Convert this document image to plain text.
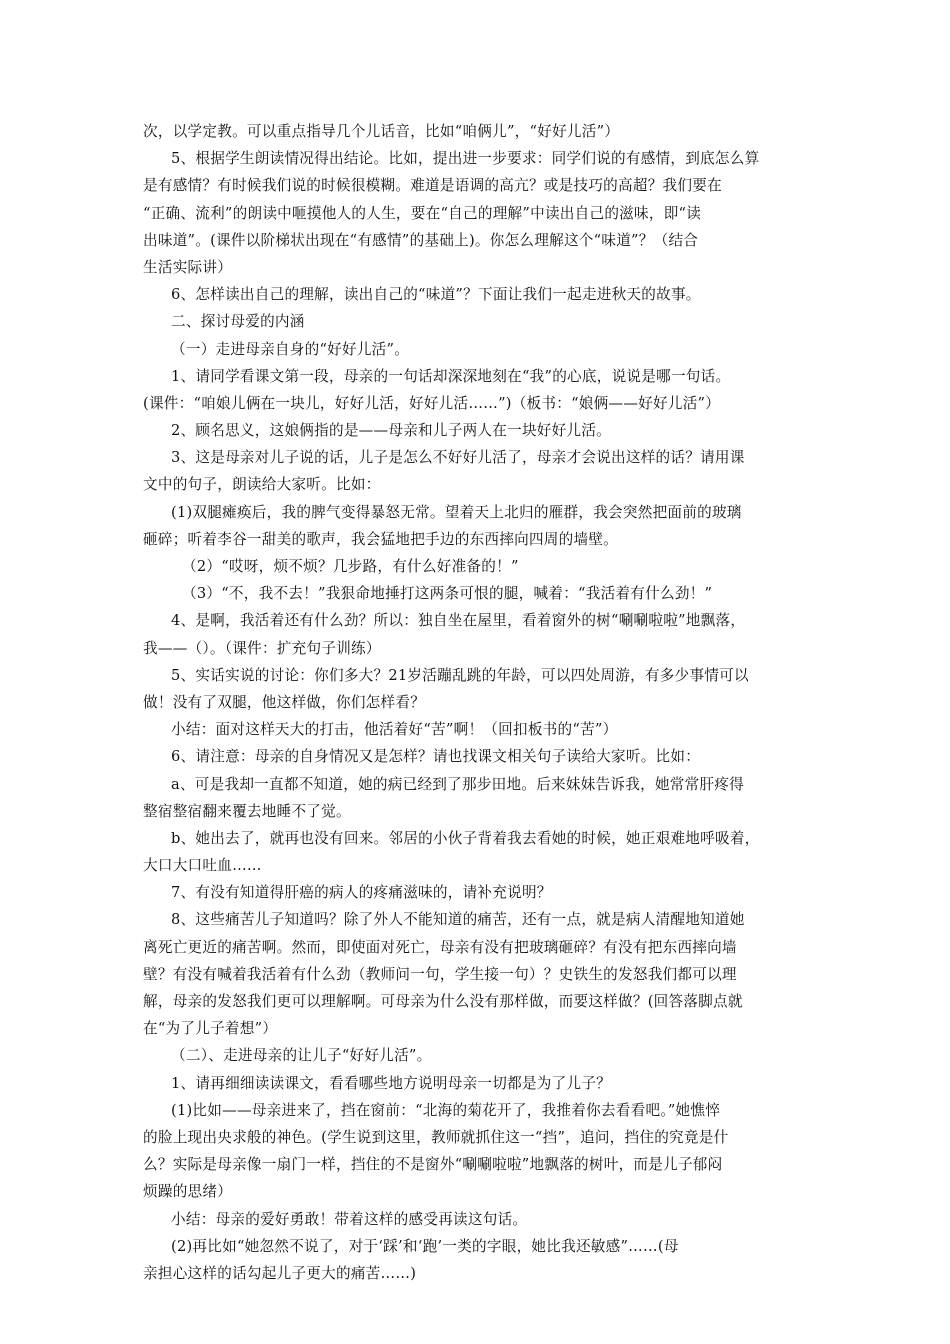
次，以学定教。可以重点指导几个儿话音，比如“咱俩儿”，“好好儿活”）
5、根据学生朗读情况得出结论。比如，提出进一步要求：同学们说的有感情，到底怎么算
是有感情？有时候我们说的时候很模糊。难道是语调的高亢？或是技巧的高超？我们要在
“正确、流利”的朗读中咂摸他人的人生，要在“自己的理解”中读出自己的滋味，即“读
出味道”。(课件以阶梯状出现在“有感情”的基础上)。你怎么理解这个“味道”？（结合
生活实际讲）
6、怎样读出自己的理解，读出自己的“味道”？下面让我们一起走进秋天的故事。
二、探讨母爱的内涵
（一）走进母亲自身的“好好儿活”。
1、请同学看课文第一段，母亲的一句话却深深地刻在“我”的心底，说说是哪一句话。
(课件：“咱娘儿俩在一块儿，好好儿活，好好儿活……”)（板书：“娘俩——好好儿活”）
2、顾名思义，这娘俩指的是——母亲和儿子两人在一块好好儿活。
3、这是母亲对儿子说的话，儿子是怎么不好好儿活了，母亲才会说出这样的话？请用课
文中的句子，朗读给大家听。比如：
(1)双腿瘫痪后，我的脾气变得暴怒无常。望着天上北归的雁群，我会突然把面前的玻璃
砸碎；听着李谷一甜美的歌声，我会猛地把手边的东西摔向四周的墙壁。
（2）“哎呀，烦不烦？几步路，有什么好准备的！”
（3）“不，我不去！”我狠命地捶打这两条可恨的腿，喊着：“我活着有什么劲！”
4、是啊，我活着还有什么劲？所以：独自坐在屋里，看着窗外的树“唰唰啦啦”地飘落，
我——（）。（课件：扩充句子训练）
5、实话实说的讨论：你们多大？21岁活蹦乱跳的年龄，可以四处周游，有多少事情可以
做！没有了双腿，他这样做，你们怎样看？
小结：面对这样天大的打击，他活着好“苦”啊！（回扣板书的“苦”）
6、请注意：母亲的自身情况又是怎样？请也找课文相关句子读给大家听。比如：
a、可是我却一直都不知道，她的病已经到了那步田地。后来妹妹告诉我，她常常肝疼得
整宿整宿翻来覆去地睡不了觉。
b、她出去了，就再也没有回来。邻居的小伙子背着我去看她的时候，她正艰难地呼吸着，
大口大口吐血……
7、有没有知道得肝癌的病人的疼痛滋味的，请补充说明？
8、这些痛苦儿子知道吗？除了外人不能知道的痛苦，还有一点，就是病人清醒地知道她
离死亡更近的痛苦啊。然而，即使面对死亡，母亲有没有把玻璃砸碎？有没有把东西摔向墙
壁？有没有喊着我活着有什么劲（教师问一句，学生接一句）？史铁生的发怒我们都可以理
解，母亲的发怒我们更可以理解啊。可母亲为什么没有那样做，而要这样做？(回答落脚点就
在“为了儿子着想”）
（二）、走进母亲的让儿子“好好儿活”。
1、请再细细读读课文，看看哪些地方说明母亲一切都是为了儿子？
(1)比如——母亲进来了，挡在窗前：“北海的菊花开了，我推着你去看看吧。”她憔悴
的脸上现出央求般的神色。(学生说到这里，教师就抓住这一“挡”，追问，挡住的究竟是什
么？实际是母亲像一扇门一样，挡住的不是窗外“唰唰啦啦”地飘落的树叶，而是儿子郁闷
烦躁的思绪）
小结：母亲的爱好勇敢！带着这样的感受再读这句话。
(2)再比如“她忽然不说了，对于‘踩’和‘跑’一类的字眼，她比我还敏感”……(母
亲担心这样的话勾起儿子更大的痛苦……)
